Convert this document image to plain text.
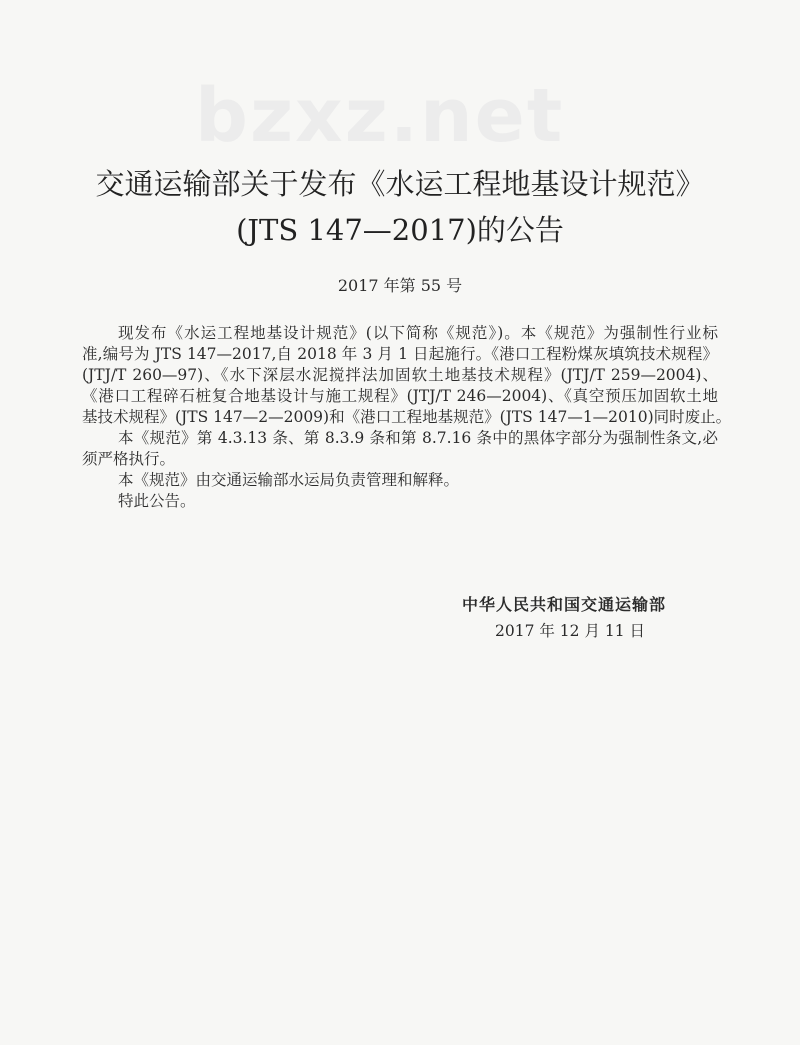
bzxz.net
交通运输部关于发布《水运工程地基设计规范》
(JTS 147—2017)的公告
2017 年第 55 号
现发布《水运工程地基设计规范》(以下简称《规范》)。本《规范》为强制性行业标
准,编号为 JTS 147—2017,自 2018 年 3 月 1 日起施行。《港口工程粉煤灰填筑技术规程》
(JTJ/T 260—97)、《水下深层水泥搅拌法加固软土地基技术规程》(JTJ/T 259—2004)、
《港口工程碎石桩复合地基设计与施工规程》(JTJ/T 246—2004)、《真空预压加固软土地
基技术规程》(JTS 147—2—2009)和《港口工程地基规范》(JTS 147—1—2010)同时废止。
本《规范》第 4.3.13 条、第 8.3.9 条和第 8.7.16 条中的黑体字部分为强制性条文,必
须严格执行。
本《规范》由交通运输部水运局负责管理和解释。
特此公告。
中华人民共和国交通运输部
2017 年 12 月 11 日
